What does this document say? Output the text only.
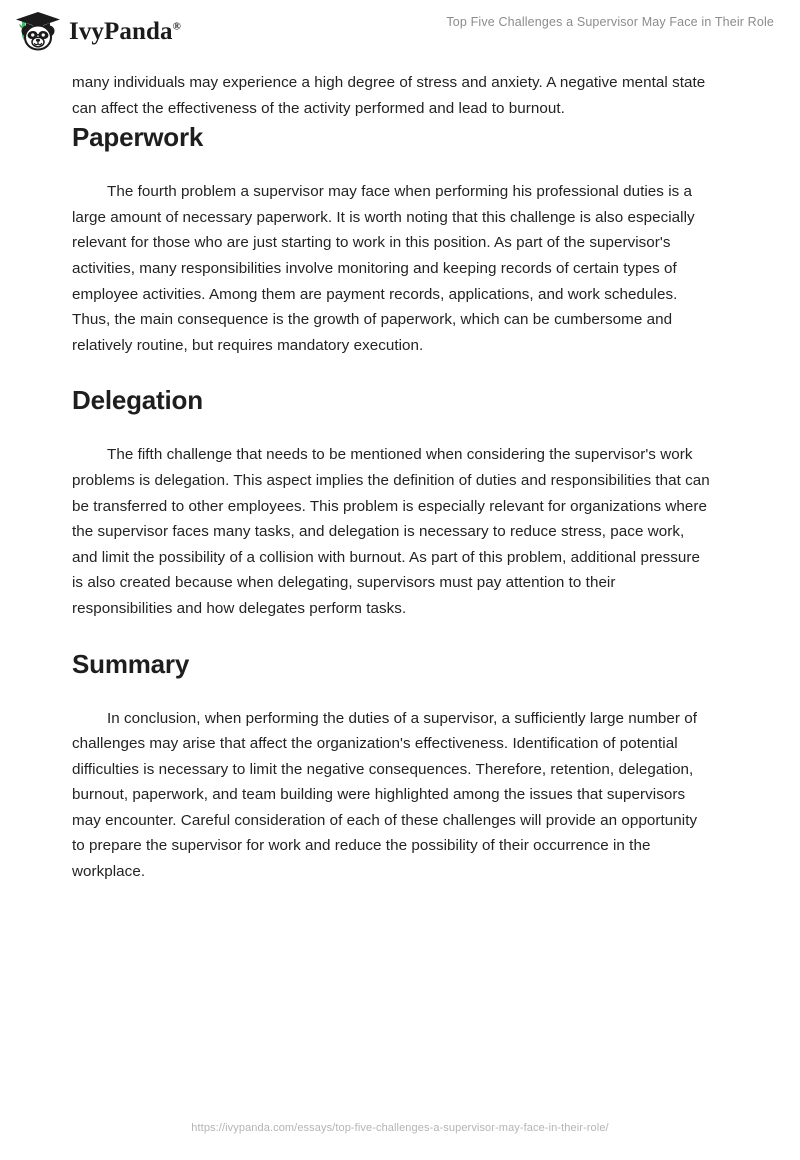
IvyPanda®	Top Five Challenges a Supervisor May Face in Their Role

many individuals may experience a high degree of stress and anxiety. A negative mental state can affect the effectiveness of the activity performed and lead to burnout.

Paperwork

The fourth problem a supervisor may face when performing his professional duties is a large amount of necessary paperwork. It is worth noting that this challenge is also especially relevant for those who are just starting to work in this position. As part of the supervisor's activities, many responsibilities involve monitoring and keeping records of certain types of employee activities. Among them are payment records, applications, and work schedules. Thus, the main consequence is the growth of paperwork, which can be cumbersome and relatively routine, but requires mandatory execution.

Delegation

The fifth challenge that needs to be mentioned when considering the supervisor's work problems is delegation. This aspect implies the definition of duties and responsibilities that can be transferred to other employees. This problem is especially relevant for organizations where the supervisor faces many tasks, and delegation is necessary to reduce stress, pace work, and limit the possibility of a collision with burnout. As part of this problem, additional pressure is also created because when delegating, supervisors must pay attention to their responsibilities and how delegates perform tasks.

Summary

In conclusion, when performing the duties of a supervisor, a sufficiently large number of challenges may arise that affect the organization's effectiveness. Identification of potential difficulties is necessary to limit the negative consequences. Therefore, retention, delegation, burnout, paperwork, and team building were highlighted among the issues that supervisors may encounter. Careful consideration of each of these challenges will provide an opportunity to prepare the supervisor for work and reduce the possibility of their occurrence in the workplace.

https://ivypanda.com/essays/top-five-challenges-a-supervisor-may-face-in-their-role/
